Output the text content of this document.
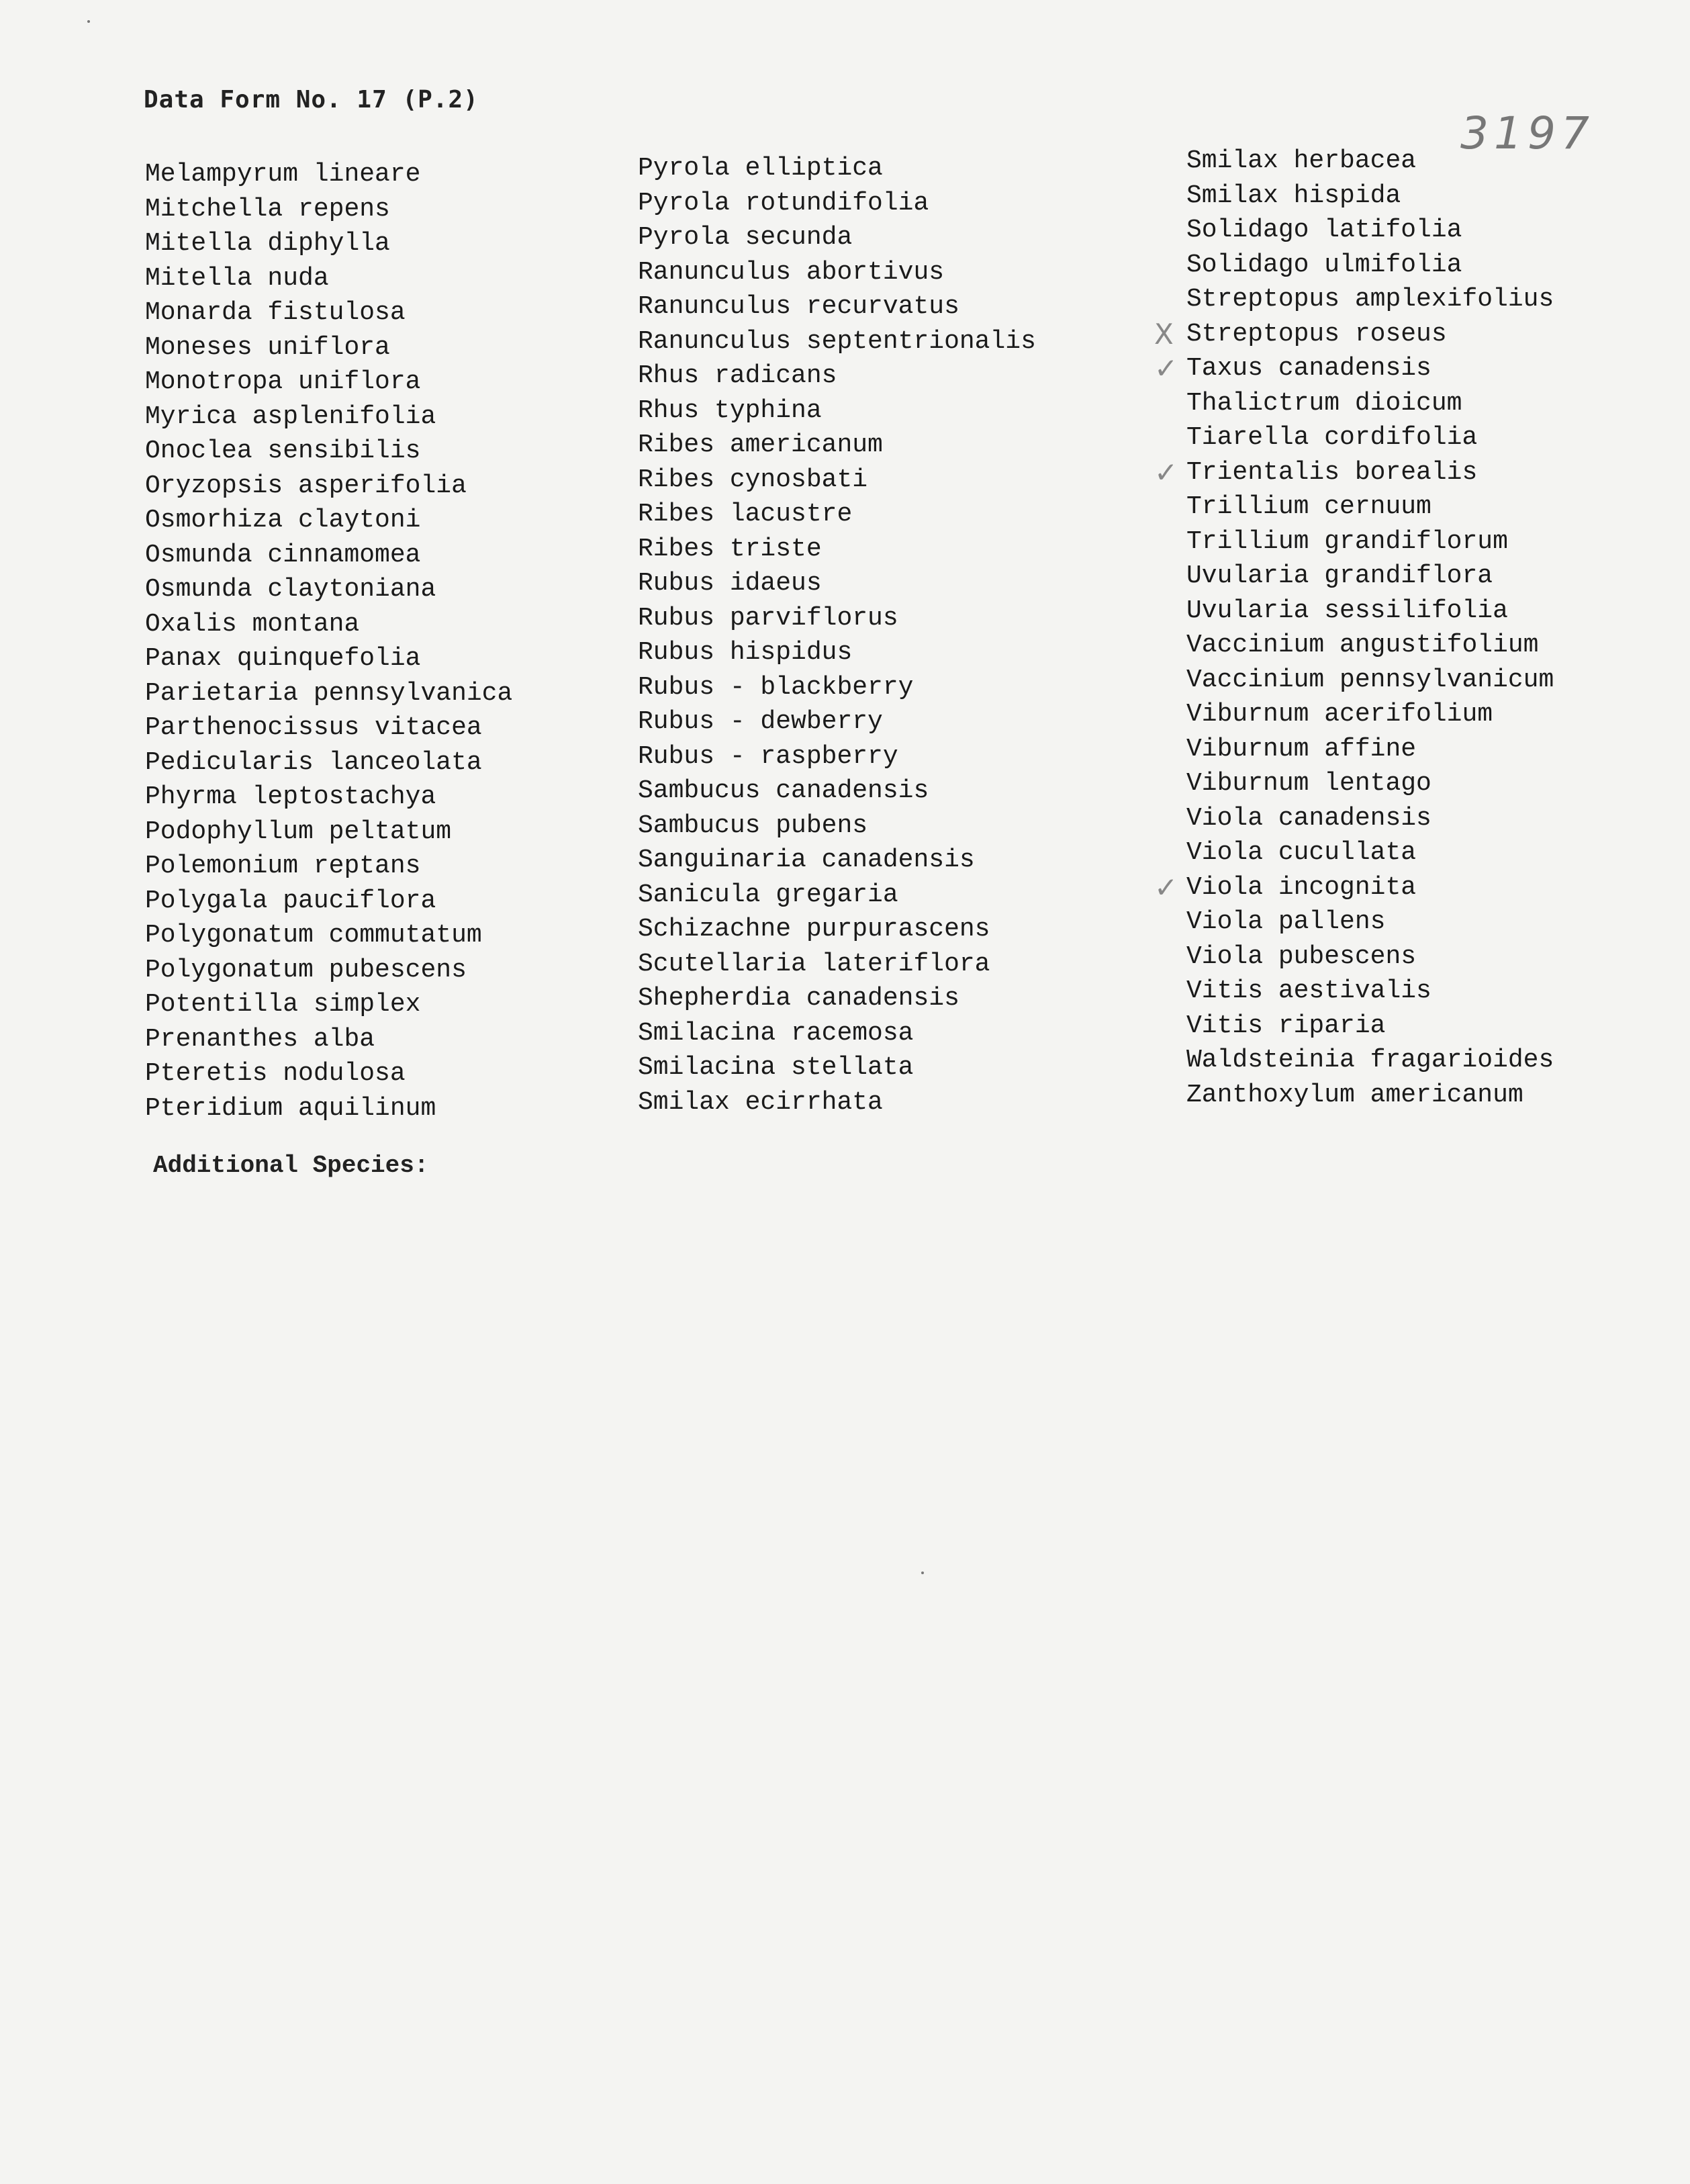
Data Form No. 17 (P.2)
3197
Melampyrum lineare
Mitchella repens
Mitella diphylla
Mitella nuda
Monarda fistulosa
Moneses uniflora
Monotropa uniflora
Myrica asplenifolia
Onoclea sensibilis
Oryzopsis asperifolia
Osmorhiza claytoni
Osmunda cinnamomea
Osmunda claytoniana
Oxalis montana
Panax quinquefolia
Parietaria pennsylvanica
Parthenocissus vitacea
Pedicularis lanceolata
Phyrma leptostachya
Podophyllum peltatum
Polemonium reptans
Polygala pauciflora
Polygonatum commutatum
Polygonatum pubescens
Potentilla simplex
Prenanthes alba
Pteretis nodulosa
Pteridium aquilinum
Pyrola elliptica
Pyrola rotundifolia
Pyrola secunda
Ranunculus abortivus
Ranunculus recurvatus
Ranunculus septentrionalis
Rhus radicans
Rhus typhina
Ribes americanum
Ribes cynosbati
Ribes lacustre
Ribes triste
Rubus idaeus
Rubus parviflorus
Rubus hispidus
Rubus - blackberry
Rubus - dewberry
Rubus - raspberry
Sambucus canadensis
Sambucus pubens
Sanguinaria canadensis
Sanicula gregaria
Schizachne purpurascens
Scutellaria lateriflora
Shepherdia canadensis
Smilacina racemosa
Smilacina stellata
Smilax ecirrhata
Smilax herbacea
Smilax hispida
Solidago latifolia
Solidago ulmifolia
Streptopus amplexifolius
X Streptopus roseus
✓ Taxus canadensis
Thalictrum dioicum
Tiarella cordifolia
✓ Trientalis borealis
Trillium cernuum
Trillium grandiflorum
Uvularia grandiflora
Uvularia sessilifolia
Vaccinium angustifolium
Vaccinium pennsylvanicum
Viburnum acerifolium
Viburnum affine
Viburnum lentago
Viola canadensis
Viola cucullata
✓ Viola incognita
Viola pallens
Viola pubescens
Vitis aestivalis
Vitis riparia
Waldsteinia fragarioides
Zanthoxylum americanum
Additional Species:
